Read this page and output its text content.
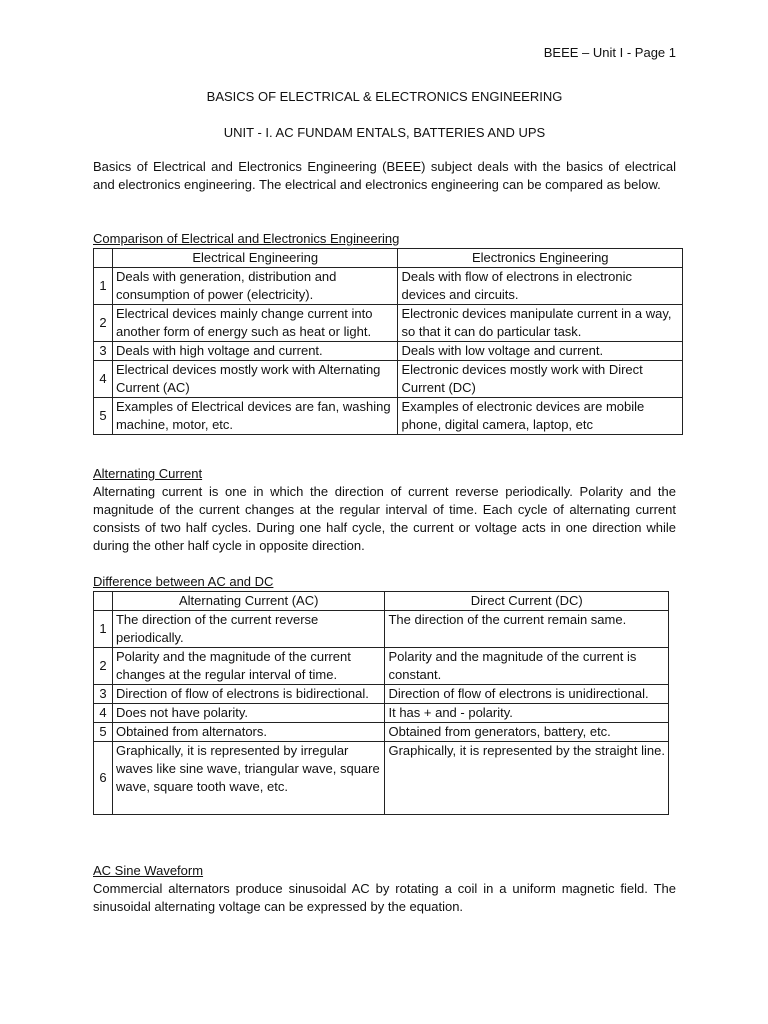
BEEE – Unit I - Page 1
BASICS OF ELECTRICAL & ELECTRONICS ENGINEERING
UNIT - I. AC FUNDAM ENTALS, BATTERIES AND UPS
Basics of Electrical and Electronics Engineering (BEEE) subject deals with the basics of electrical and electronics engineering. The electrical and electronics engineering can be compared as below.
Comparison of Electrical and Electronics Engineering
	Electrical Engineering	Electronics Engineering
1	Deals with generation, distribution and consumption of power (electricity).	Deals with flow of electrons in electronic devices and circuits.
2	Electrical devices mainly change current into another form of energy such as heat or light.	Electronic devices manipulate current in a way, so that it can do particular task.
3	Deals with high voltage and current.	Deals with low voltage and current.
4	Electrical devices mostly work with Alternating Current (AC)	Electronic devices mostly work with Direct Current (DC)
5	Examples of Electrical devices are fan, washing machine, motor, etc.	Examples of electronic devices are mobile phone, digital camera, laptop, etc
Alternating Current
Alternating current is one in which the direction of current reverse periodically. Polarity and the magnitude of the current changes at the regular interval of time. Each cycle of alternating current consists of two half cycles. During one half cycle, the current or voltage acts in one direction while during the other half cycle in opposite direction.
Difference between AC and DC
	Alternating Current (AC)	Direct Current (DC)
1	The direction of the current reverse periodically.	The direction of the current remain same.
2	Polarity and the magnitude of the current changes at the regular interval of time.	Polarity and the magnitude of the current is constant.
3	Direction of flow of electrons is bidirectional.	Direction of flow of electrons is unidirectional.
4	Does not have polarity.	It has + and - polarity.
5	Obtained from alternators.	Obtained from generators, battery, etc.
6	Graphically, it is represented by irregular waves like sine wave, triangular wave, square wave, square tooth wave, etc.	Graphically, it is represented by the straight line.
AC Sine Waveform
Commercial alternators produce sinusoidal AC by rotating a coil in a uniform magnetic field. The sinusoidal alternating voltage can be expressed by the equation.
